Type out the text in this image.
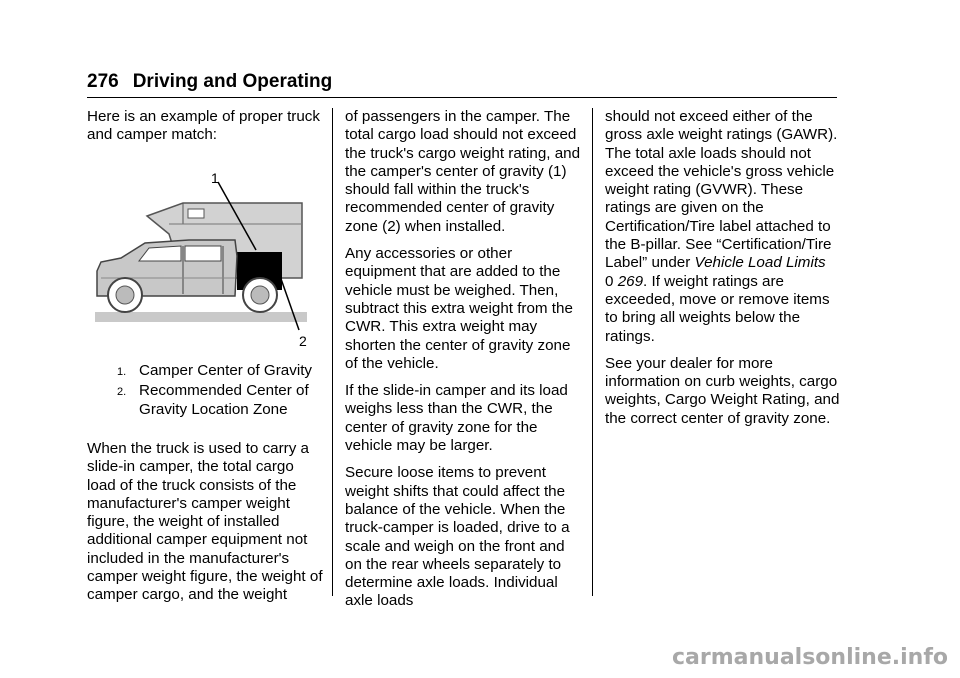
276 Driving and Operating

Here is an example of proper truck and camper match:

When the truck is used to carry a slide-in camper, the total cargo load of the truck consists of the manufacturer's camper weight figure, the weight of installed additional camper equipment not included in the manufacturer's camper weight figure, the weight of camper cargo, and the weight

1
2
1. Camper Center of Gravity
2. Recommended Center of Gravity Location Zone

of passengers in the camper. The total cargo load should not exceed the truck's cargo weight rating, and the camper's center of gravity (1) should fall within the truck's recommended center of gravity zone (2) when installed.

Any accessories or other equipment that are added to the vehicle must be weighed. Then, subtract this extra weight from the CWR. This extra weight may shorten the center of gravity zone of the vehicle.

If the slide-in camper and its load weighs less than the CWR, the center of gravity zone for the vehicle may be larger.

Secure loose items to prevent weight shifts that could affect the balance of the vehicle. When the truck-camper is loaded, drive to a scale and weigh on the front and on the rear wheels separately to determine axle loads. Individual axle loads

should not exceed either of the gross axle weight ratings (GAWR). The total axle loads should not exceed the vehicle's gross vehicle weight rating (GVWR). These ratings are given on the Certification/Tire label attached to the B-pillar. See “Certification/Tire Label” under Vehicle Load Limits
0 269. If weight ratings are exceeded, move or remove items to bring all weights below the ratings.

See your dealer for more information on curb weights, cargo weights, Cargo Weight Rating, and the correct center of gravity zone.

carmanualsonline.info
